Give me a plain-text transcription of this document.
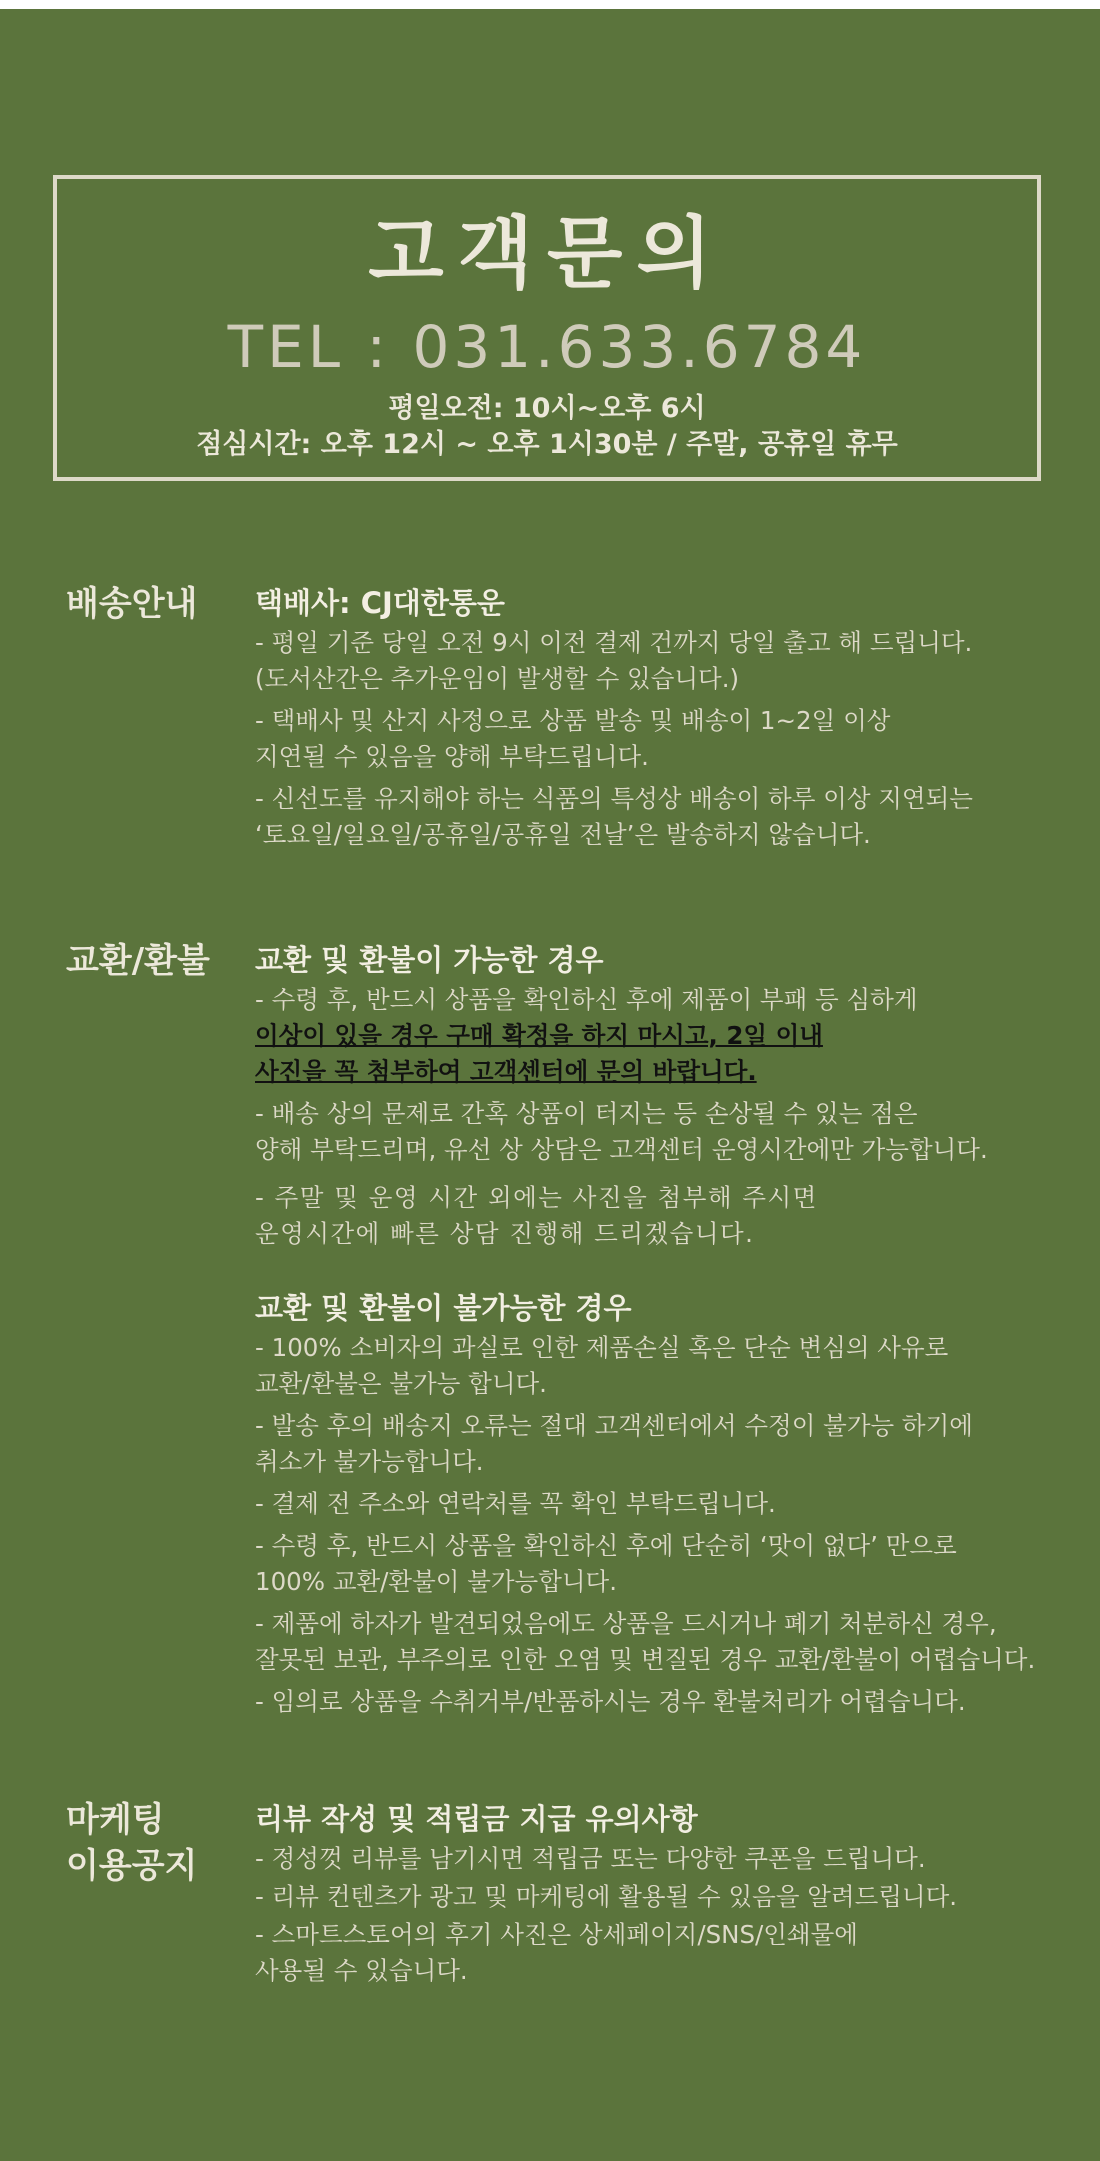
고객문의
TEL : 031.633.6784
평일오전: 10시~오후 6시
점심시간: 오후 12시 ~ 오후 1시30분 / 주말, 공휴일 휴무
배송안내 택배사: CJ대한통운
- 평일 기준 당일 오전 9시 이전 결제 건까지 당일 출고 해 드립니다.
(도서산간은 추가운임이 발생할 수 있습니다.)
- 택배사 및 산지 사정으로 상품 발송 및 배송이 1~2일 이상
지연될 수 있음을 양해 부탁드립니다.
- 신선도를 유지해야 하는 식품의 특성상 배송이 하루 이상 지연되는
‘토요일/일요일/공휴일/공휴일 전날’은 발송하지 않습니다.
교환/환불 교환 및 환불이 가능한 경우
- 수령 후, 반드시 상품을 확인하신 후에 제품이 부패 등 심하게
이상이 있을 경우 구매 확정을 하지 마시고, 2일 이내
사진을 꼭 첨부하여 고객센터에 문의 바랍니다.
- 배송 상의 문제로 간혹 상품이 터지는 등 손상될 수 있는 점은
양해 부탁드리며, 유선 상 상담은 고객센터 운영시간에만 가능합니다.
- 주말 및 운영 시간 외에는 사진을 첨부해 주시면
운영시간에 빠른 상담 진행해 드리겠습니다.
교환 및 환불이 불가능한 경우
- 100% 소비자의 과실로 인한 제품손실 혹은 단순 변심의 사유로
교환/환불은 불가능 합니다.
- 발송 후의 배송지 오류는 절대 고객센터에서 수정이 불가능 하기에
취소가 불가능합니다.
- 결제 전 주소와 연락처를 꼭 확인 부탁드립니다.
- 수령 후, 반드시 상품을 확인하신 후에 단순히 ‘맛이 없다’ 만으로
100% 교환/환불이 불가능합니다.
- 제품에 하자가 발견되었음에도 상품을 드시거나 폐기 처분하신 경우,
잘못된 보관, 부주의로 인한 오염 및 변질된 경우 교환/환불이 어렵습니다.
- 임의로 상품을 수취거부/반품하시는 경우 환불처리가 어렵습니다.
마케팅
이용공지
리뷰 작성 및 적립금 지급 유의사항
- 정성껏 리뷰를 남기시면 적립금 또는 다양한 쿠폰을 드립니다.
- 리뷰 컨텐츠가 광고 및 마케팅에 활용될 수 있음을 알려드립니다.
- 스마트스토어의 후기 사진은 상세페이지/SNS/인쇄물에
사용될 수 있습니다.
